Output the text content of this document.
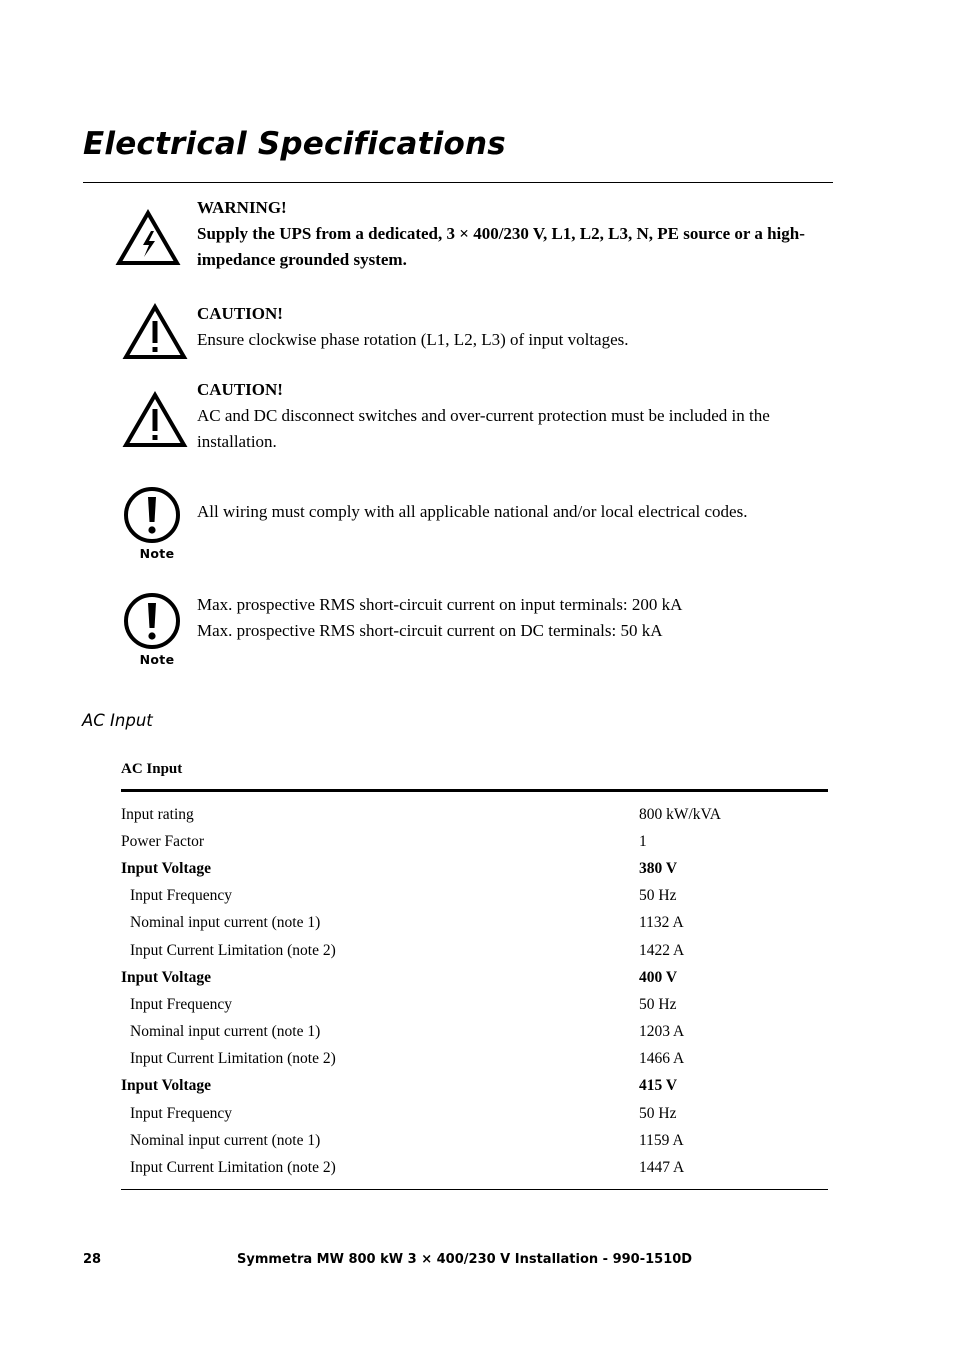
Electrical Specifications
WARNING!
Supply the UPS from a dedicated, 3 × 400/230 V, L1, L2, L3, N, PE source or a high-impedance grounded system.
CAUTION!
Ensure clockwise phase rotation (L1, L2, L3) of input voltages.
CAUTION!
AC and DC disconnect switches and over-current protection must be included in the installation.
Note
All wiring must comply with all applicable national and/or local electrical codes.
Note
Max. prospective RMS short-circuit current on input terminals: 200 kA
Max. prospective RMS short-circuit current on DC terminals: 50 kA
AC Input
AC Input
Input rating	800 kW/kVA
Power Factor	1
Input Voltage	380 V
Input Frequency	50 Hz
Nominal input current (note 1)	1132 A
Input Current Limitation (note 2)	1422 A
Input Voltage	400 V
Input Frequency	50 Hz
Nominal input current (note 1)	1203 A
Input Current Limitation (note 2)	1466 A
Input Voltage	415 V
Input Frequency	50 Hz
Nominal input current (note 1)	1159 A
Input Current Limitation (note 2)	1447 A
28	Symmetra MW 800 kW 3 × 400/230 V Installation - 990-1510D
